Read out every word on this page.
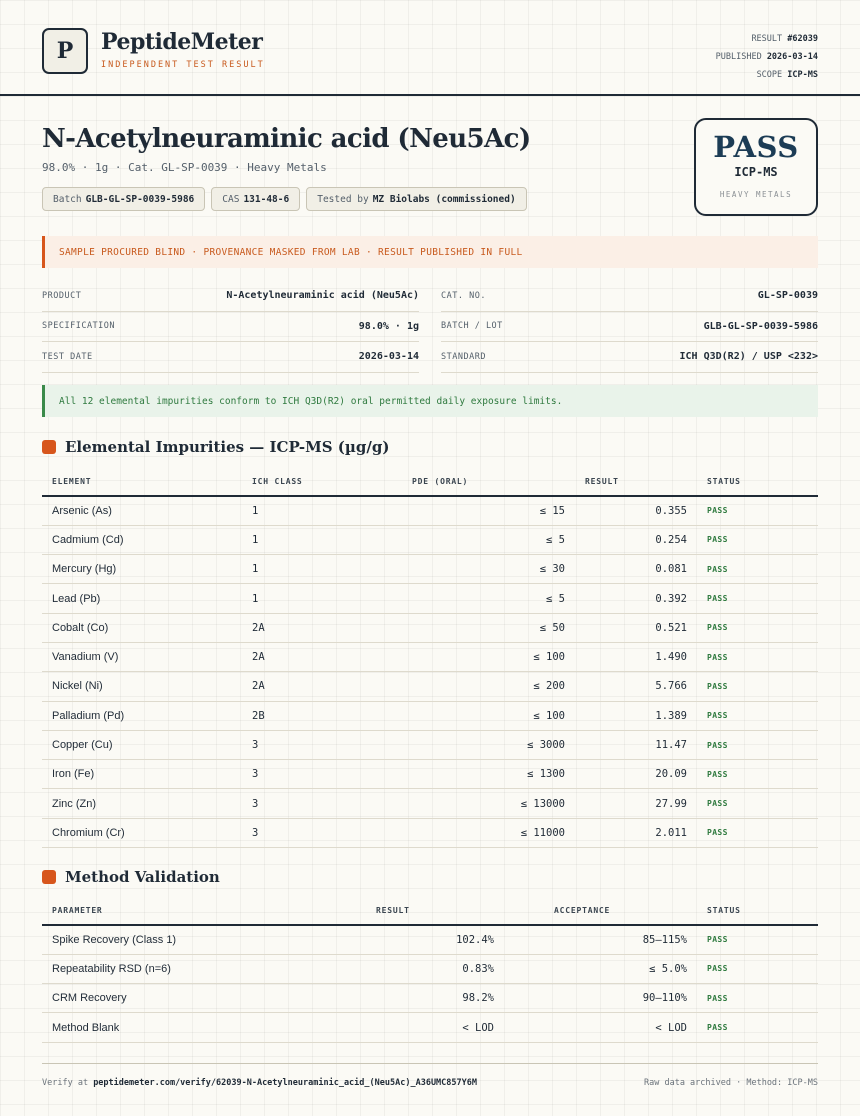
P	PeptideMeter
INDEPENDENT TEST RESULT
RESULT #62039
PUBLISHED 2026-03-14
SCOPE ICP-MS
N-Acetylneuraminic acid (Neu5Ac)
98.0% · 1g · Cat. GL-SP-0039 · Heavy Metals
Batch GLB-GL-SP-0039-5986	CAS 131-48-6	Tested by MZ Biolabs (commissioned)
PASS
ICP-MS
HEAVY METALS
SAMPLE PROCURED BLIND · PROVENANCE MASKED FROM LAB · RESULT PUBLISHED IN FULL
PRODUCT	N-Acetylneuraminic acid (Neu5Ac)	CAT. NO.	GL-SP-0039
SPECIFICATION	98.0% · 1g	BATCH / LOT	GLB-GL-SP-0039-5986
TEST DATE	2026-03-14	STANDARD	ICH Q3D(R2) / USP <232>
All 12 elemental impurities conform to ICH Q3D(R2) oral permitted daily exposure limits.
Elemental Impurities — ICP-MS (µg/g)
ELEMENT	ICH CLASS	PDE (ORAL)	RESULT	STATUS
Arsenic (As)	1	≤ 15	0.355	PASS
Cadmium (Cd)	1	≤ 5	0.254	PASS
Mercury (Hg)	1	≤ 30	0.081	PASS
Lead (Pb)	1	≤ 5	0.392	PASS
Cobalt (Co)	2A	≤ 50	0.521	PASS
Vanadium (V)	2A	≤ 100	1.490	PASS
Nickel (Ni)	2A	≤ 200	5.766	PASS
Palladium (Pd)	2B	≤ 100	1.389	PASS
Copper (Cu)	3	≤ 3000	11.47	PASS
Iron (Fe)	3	≤ 1300	20.09	PASS
Zinc (Zn)	3	≤ 13000	27.99	PASS
Chromium (Cr)	3	≤ 11000	2.011	PASS
Method Validation
PARAMETER	RESULT	ACCEPTANCE	STATUS
Spike Recovery (Class 1)	102.4%	85–115%	PASS
Repeatability RSD (n=6)	0.83%	≤ 5.0%	PASS
CRM Recovery	98.2%	90–110%	PASS
Method Blank	< LOD	< LOD	PASS
Verify at peptidemeter.com/verify/62039-N-Acetylneuraminic_acid_(Neu5Ac)_A36UMC857Y6M	Raw data archived · Method: ICP-MS
